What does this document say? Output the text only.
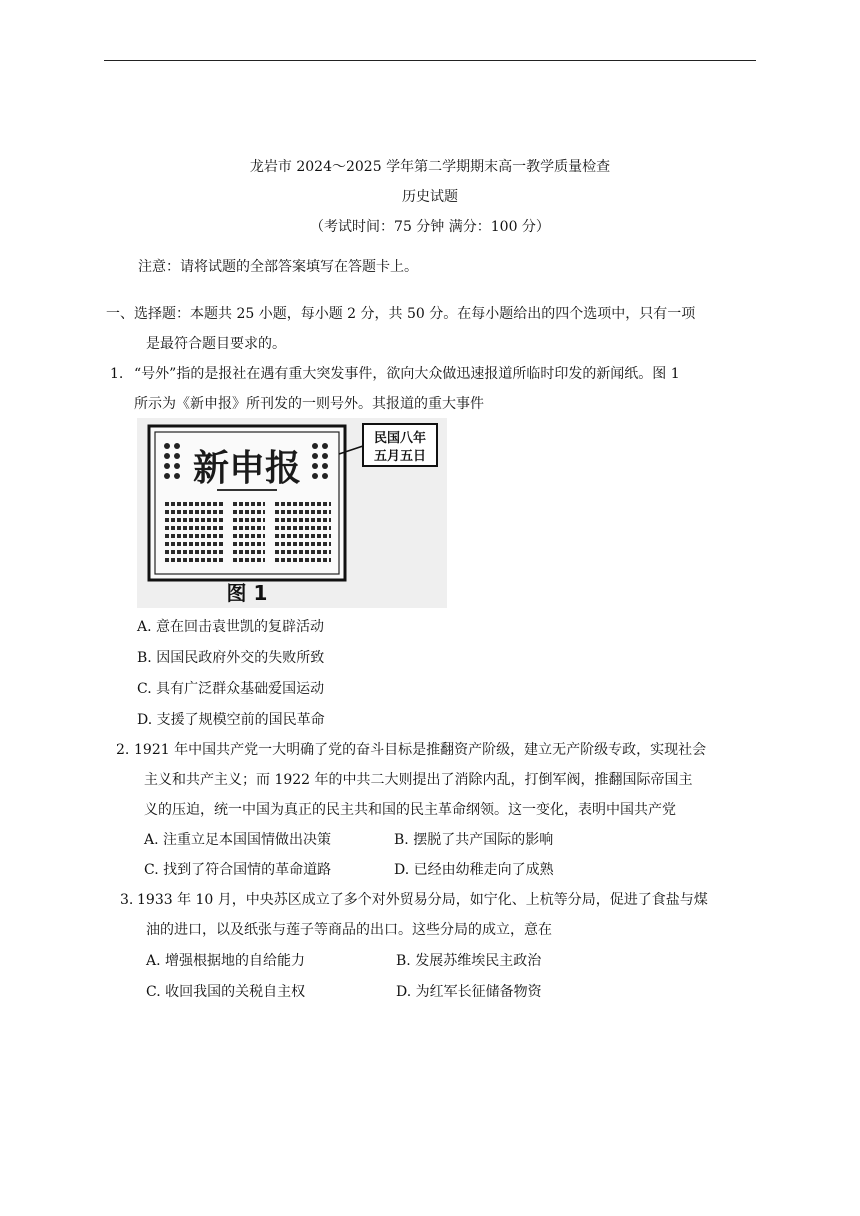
龙岩市 2024～2025 学年第二学期期末高一教学质量检查
历史试题
（考试时间：75 分钟 满分：100 分）
注意：请将试题的全部答案填写在答题卡上。
一、选择题：本题共 25 小题，每小题 2 分，共 50 分。在每小题给出的四个选项中，只有一项
是最符合题目要求的。
1. “号外”指的是报社在遇有重大突发事件，欲向大众做迅速报道所临时印发的新闻纸。图 1
所示为《新申报》所刊发的一则号外。其报道的重大事件
新申报
民国八年
五月五日
图 1
A. 意在回击袁世凯的复辟活动
B. 因国民政府外交的失败所致
C. 具有广泛群众基础爱国运动
D. 支援了规模空前的国民革命
2. 1921 年中国共产党一大明确了党的奋斗目标是推翻资产阶级，建立无产阶级专政，实现社会
主义和共产主义；而 1922 年的中共二大则提出了消除内乱，打倒军阀，推翻国际帝国主
义的压迫，统一中国为真正的民主共和国的民主革命纲领。这一变化，表明中国共产党
A. 注重立足本国国情做出决策	B. 摆脱了共产国际的影响
C. 找到了符合国情的革命道路	D. 已经由幼稚走向了成熟
3. 1933 年 10 月，中央苏区成立了多个对外贸易分局，如宁化、上杭等分局，促进了食盐与煤
油的进口，以及纸张与莲子等商品的出口。这些分局的成立，意在
A. 增强根据地的自给能力	B. 发展苏维埃民主政治
C. 收回我国的关税自主权	D. 为红军长征储备物资
